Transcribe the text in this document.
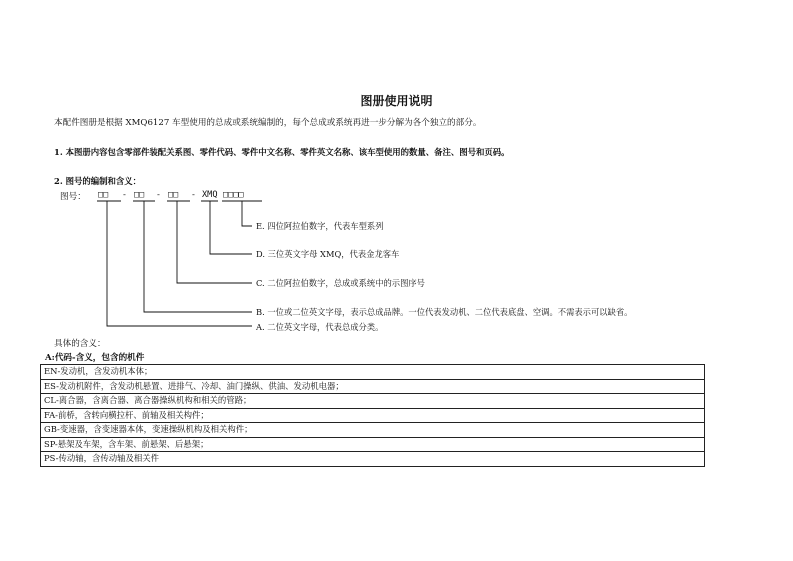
图册使用说明
本配件图册是根据 XMQ6127 车型使用的总成或系统编制的，每个总成或系统再进一步分解为各个独立的部分。
1. 本图册内容包含零部件装配关系图、零件代码、零件中文名称、零件英文名称、该车型使用的数量、备注、图号和页码。
2. 图号的编制和含义：
图号： □□ - □□ - □□ - XMQ □□□□
E. 四位阿拉伯数字，代表车型系列
D. 三位英文字母 XMQ，代表金龙客车
C. 二位阿拉伯数字，总成或系统中的示图序号
B. 一位或二位英文字母，表示总成品牌。一位代表发动机、二位代表底盘、空调。不需表示可以缺省。
A. 二位英文字母，代表总成分类。
具体的含义：
A:代码-含义，包含的机件
EN-发动机，含发动机本体；
ES-发动机附件，含发动机悬置、进排气、冷却、油门操纵、供油、发动机电器；
CL-离合器，含离合器、离合器操纵机构和相关的管路；
FA-前桥，含转向横拉杆、前轴及相关构件；
GB-变速器，含变速器本体，变速操纵机构及相关构件；
SP-悬架及车架，含车架、前悬架、后悬架；
PS-传动轴，含传动轴及相关件
